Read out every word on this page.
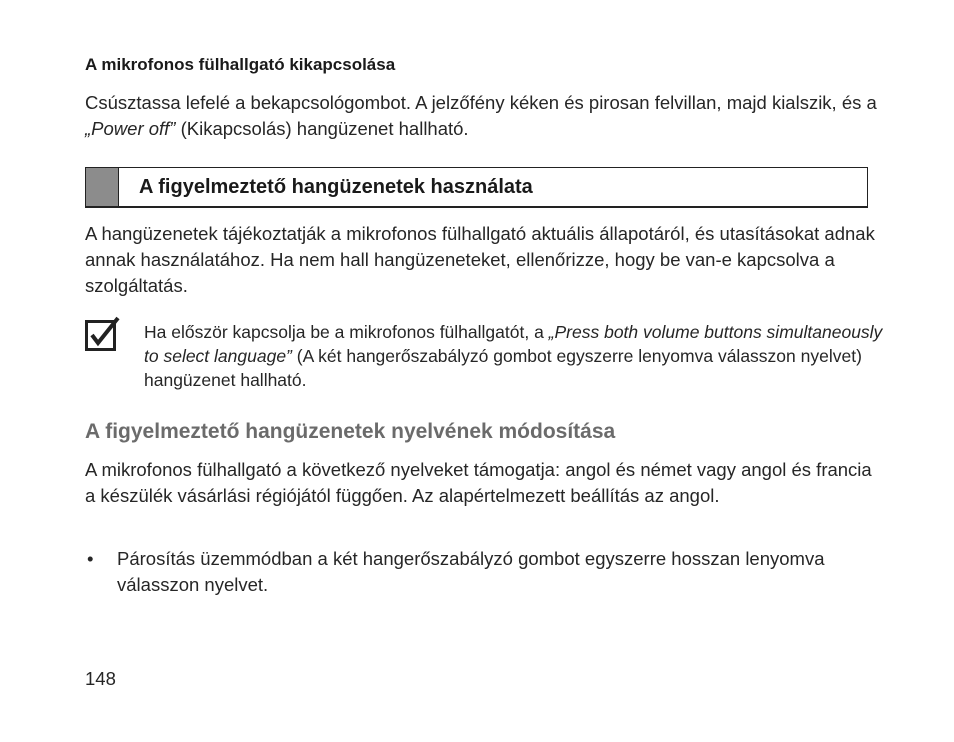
A mikrofonos fülhallgató kikapcsolása
Csúsztassa lefelé a bekapcsológombot. A jelzőfény kéken és pirosan felvillan, majd kialszik, és a „Power off” (Kikapcsolás) hangüzenet hallható.
A figyelmeztető hangüzenetek használata
A hangüzenetek tájékoztatják a mikrofonos fülhallgató aktuális állapotáról, és utasításokat adnak annak használatához. Ha nem hall hangüzeneteket, ellenőrizze, hogy be van-e kapcsolva a szolgáltatás.
Ha először kapcsolja be a mikrofonos fülhallgatót, a „Press both volume buttons simultaneously to select language” (A két hangerőszabályzó gombot egyszerre lenyomva válasszon nyelvet) hangüzenet hallható.
A figyelmeztető hangüzenetek nyelvének módosítása
A mikrofonos fülhallgató a következő nyelveket támogatja: angol és német vagy angol és francia a készülék vásárlási régiójától függően. Az alapértelmezett beállítás az angol.
• Párosítás üzemmódban a két hangerőszabályzó gombot egyszerre hosszan lenyomva válasszon nyelvet.
148
